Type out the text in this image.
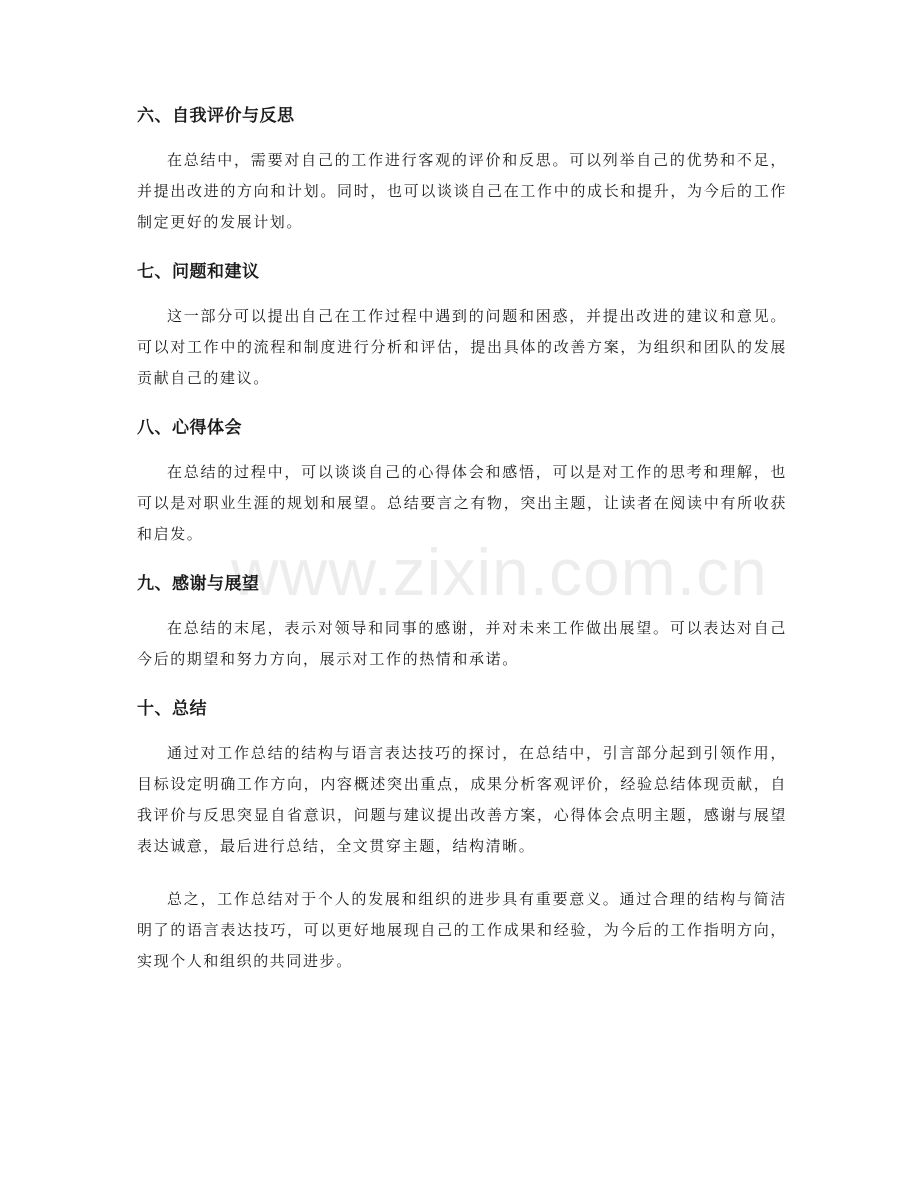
六、自我评价与反思

在总结中，需要对自己的工作进行客观的评价和反思。可以列举自己的优势和不足，并提出改进的方向和计划。同时，也可以谈谈自己在工作中的成长和提升，为今后的工作制定更好的发展计划。

七、问题和建议

这一部分可以提出自己在工作过程中遇到的问题和困惑，并提出改进的建议和意见。可以对工作中的流程和制度进行分析和评估，提出具体的改善方案，为组织和团队的发展贡献自己的建议。

八、心得体会

在总结的过程中，可以谈谈自己的心得体会和感悟，可以是对工作的思考和理解，也可以是对职业生涯的规划和展望。总结要言之有物，突出主题，让读者在阅读中有所收获和启发。

九、感谢与展望

在总结的末尾，表示对领导和同事的感谢，并对未来工作做出展望。可以表达对自己今后的期望和努力方向，展示对工作的热情和承诺。

十、总结

通过对工作总结的结构与语言表达技巧的探讨，在总结中，引言部分起到引领作用，目标设定明确工作方向，内容概述突出重点，成果分析客观评价，经验总结体现贡献，自我评价与反思突显自省意识，问题与建议提出改善方案，心得体会点明主题，感谢与展望表达诚意，最后进行总结，全文贯穿主题，结构清晰。

总之，工作总结对于个人的发展和组织的进步具有重要意义。通过合理的结构与简洁明了的语言表达技巧，可以更好地展现自己的工作成果和经验，为今后的工作指明方向，实现个人和组织的共同进步。

www.zixin.com.cn
